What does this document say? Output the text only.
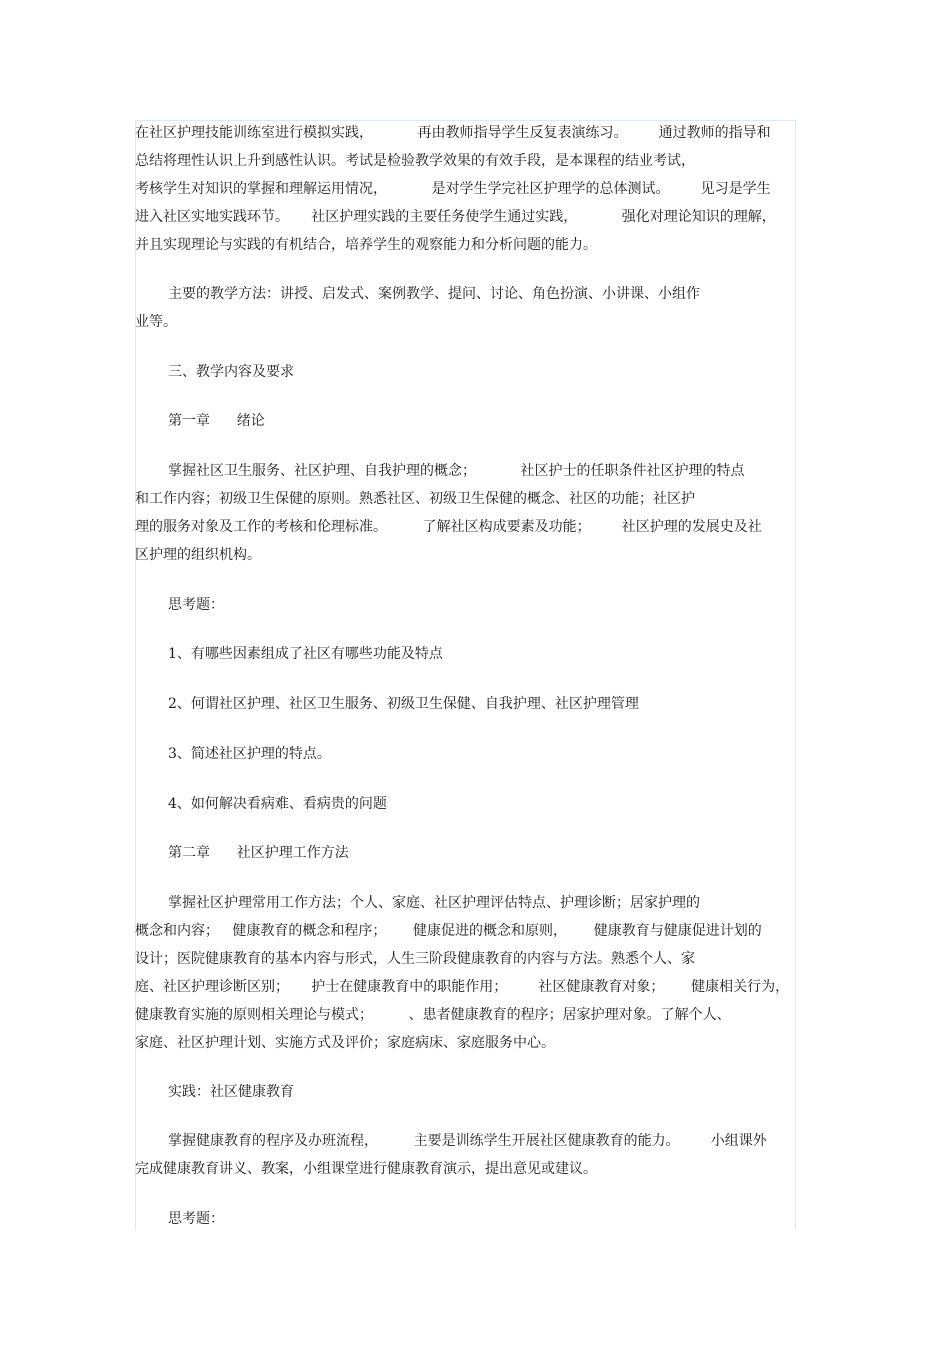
在社区护理技能训练室进行模拟实践，          再由教师指导学生反复表演练习。       通过教师的指导和
总结将理性认识上升到感性认识。考试是检验教学效果的有效手段，是本课程的结业考试，
考核学生对知识的掌握和理解运用情况，          是对学生学完社区护理学的总体测试。       见习是学生
进入社区实地实践环节。     社区护理实践的主要任务使学生通过实践，          强化对理论知识的理解，
并且实现理论与实践的有机结合，培养学生的观察能力和分析问题的能力。
主要的教学方法：讲授、启发式、案例教学、提问、讨论、角色扮演、小讲课、小组作
业等。
三、教学内容及要求
第一章      绪论
掌握社区卫生服务、社区护理、自我护理的概念；          社区护士的任职条件社区护理的特点
和工作内容；初级卫生保健的原则。熟悉社区、初级卫生保健的概念、社区的功能；社区护
理的服务对象及工作的考核和伦理标准。        了解社区构成要素及功能；       社区护理的发展史及社
区护理的组织机构。
思考题：
1、有哪些因素组成了社区有哪些功能及特点
2、何谓社区护理、社区卫生服务、初级卫生保健、自我护理、社区护理管理
3、简述社区护理的特点。
4、如何解决看病难、看病贵的问题
第二章      社区护理工作方法
掌握社区护理常用工作方法；个人、家庭、社区护理评估特点、护理诊断；居家护理的
概念和内容；   健康教育的概念和程序；      健康促进的概念和原则，      健康教育与健康促进计划的
设计；医院健康教育的基本内容与形式，人生三阶段健康教育的内容与方法。熟悉个人、家
庭、社区护理诊断区别；     护士在健康教育中的职能作用；       社区健康教育对象；      健康相关行为，
健康教育实施的原则相关理论与模式；        、患者健康教育的程序；居家护理对象。了解个人、
家庭、社区护理计划、实施方式及评价；家庭病床、家庭服务中心。
实践：社区健康教育
掌握健康教育的程序及办班流程，        主要是训练学生开展社区健康教育的能力。       小组课外
完成健康教育讲义、教案，小组课堂进行健康教育演示，提出意见或建议。
思考题：
